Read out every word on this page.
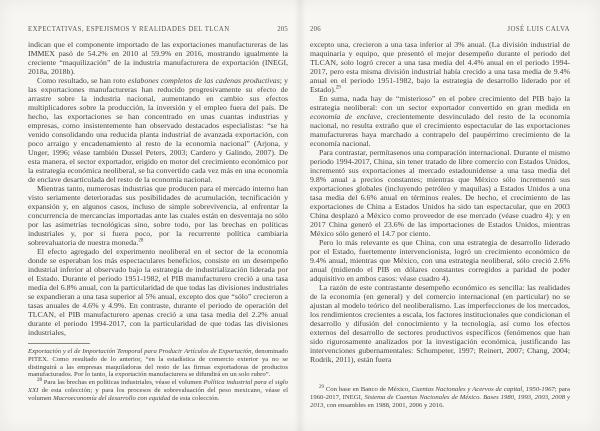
EXPECTATIVAS, ESPEJISMOS Y REALIDADES DEL TLCAN	205

indican que el componente importado de las exportaciones manufactureras de las IMMEX pasó de 54.2% en 2010 al 59.9% en 2016, mostrando igualmente la creciente “maquilización” de la industria manufacturera de exportación (INEGI, 2018a, 2018b).

Como resultado, se han roto eslabones completos de las cadenas productivas; y las exportaciones manufactureras han reducido progresivamente su efecto de arrastre sobre la industria nacional, aumentando en cambio sus efectos multiplicadores sobre la producción, la inversión y el empleo fuera del país. De hecho, las exportaciones se han concentrado en unas cuantas industrias y empresas, como insistentemente han observado destacados especialistas: “se ha venido consolidando una reducida planta industrial de avanzada exportación, con poco arraigo y encadenamiento al resto de la economía nacional” (Arjona, y Unger, 1996; véase también Dussel Peters, 2003; Cardero y Galindo, 2007). De esta manera, el sector exportador, erigido en motor del crecimiento económico por la estrategia económica neoliberal, se ha convertido cada vez más en una economía de enclave desarticulada del resto de la economía nacional.

Mientras tanto, numerosas industrias que producen para el mercado interno han visto seriamente deterioradas sus posibilidades de acumulación, tecnificación y expansión y, en algunos casos, incluso de simple sobrevivencia, al enfrentar la concurrencia de mercancías importadas ante las cuales están en desventaja no sólo por las asimetrías tecnológicas sino, sobre todo, por las brechas en políticas industriales y, por si fuera poco, por la recurrente política cambiaria sobrevaluatoria de nuestra moneda.$^{28}$

El efecto agregado del experimento neoliberal en el sector de la economía donde se esperaban los más espectaculares beneficios, consiste en un desempeño industrial inferior al observado bajo la estrategia de industrialización liderada por el Estado. Durante el periodo 1951-1982, el PIB manufacturero creció a una tasa media del 6.8% anual, con la particularidad de que todas las divisiones industriales se expandieran a una tasa superior al 5% anual, excepto dos que “sólo” crecieron a tasas anuales de 4.6% y 4.9%. En contraste, durante el periodo de operación del TLCAN, el PIB manufacturero apenas creció a una tasa media del 2.2% anual durante el periodo 1994-2017, con la particularidad de que todas las divisiones industriales,

Exportación y el de Importación Temporal para Producir Artículos de Exportación, denominado PITEX. Como resultado de lo anterior, “en la estadística de comercio exterior ya no se distinguirá a las empresas maquiladoras del resto de las firmas exportadoras de productos manufacturados. Por lo tanto, la exportación manufacturera se difundirá en un solo rubro”.

$^{28}$ Para las brechas en políticas industriales, véase el volumen Política industrial para el siglo XXI de esta colección; y para los procesos de sobrevaluación del peso mexicano, véase el volumen Macroeconomía del desarrollo con equidad de esta colección.

206	JOSÉ LUIS CALVA

excepto una, crecieron a una tasa inferior al 3% anual. (La división industrial de maquinaria y equipo, que presentó el mejor desempeño durante el periodo del TLCAN, solo logró crecer a una tasa media del 4.4% anual en el periodo 1994-2017, pero esta misma división industrial había crecido a una tasa media de 9.4% anual en el periodo 1951-1982, bajo la estrategia de desarrollo liderado por el Estado).$^{29}$

En suma, nada hay de “misterioso” en el pobre crecimiento del PIB bajo la estrategia neoliberal: con un sector exportador convertido en gran medida en economía de enclave, crecientemente desvinculado del resto de la economía nacional, no resulta extraño que el crecimiento espectacular de las exportaciones manufactureras haya marchado a contrapelo del paupérrimo crecimiento de la economía nacional.

Para contrastar, permítasenos una comparación internacional. Durante el mismo periodo 1994-2017, China, sin tener tratado de libre comercio con Estados Unidos, incrementó sus exportaciones al mercado estadounidense a una tasa media del 9.8% anual a precios constantes; mientras que México sólo incrementó sus exportaciones globales (incluyendo petróleo y maquilas) a Estados Unidos a una tasa media del 6.6% anual en términos reales. De hecho, el crecimiento de las exportaciones de China a Estados Unidos ha sido tan espectacular, que en 2003 China desplazó a México como proveedor de ese mercado (véase cuadro 4); y en 2017 China generó el 23.6% de las importaciones de Estados Unidos, mientras México sólo generó el 14.7 por ciento.

Pero lo más relevante es que China, con una estrategia de desarrollo liderado por el Estado, fuertemente intervencionista, logró un crecimiento económico de 9.4% anual, mientras que México, con una estrategia neoliberal, sólo creció 2.6% anual (midiendo el PIB en dólares constantes corregidos a paridad de poder adquisitivo en ambos casos: véase cuadro 4).

La razón de este contrastante desempeño económico es sencilla: las realidades de la economía (en general) y del comercio internacional (en particular) no se ajustan al modelo teórico del neoliberalismo. Las imperfecciones de los mercados, los rendimientos crecientes a escala, los factores institucionales que condicionan el desarrollo y difusión del conocimiento y la tecnología, así como los efectos externos del desarrollo de sectores productivos específicos (fenómenos que han sido rigurosamente analizados por la investigación económica, justificando las intervenciones gubernamentales: Schumpeter, 1997; Reinert, 2007; Chang, 2004; Rodrik, 2011), están fuera

$^{29}$ Con base en Banco de México, Cuentas Nacionales y Acervos de capital, 1950-1967; para 1960-2017, INEGI, Sistema de Cuentas Nacionales de México. Bases 1980, 1993, 2003, 2008 y 2013, con ensambles en 1988, 2001, 2006 y 2016.
